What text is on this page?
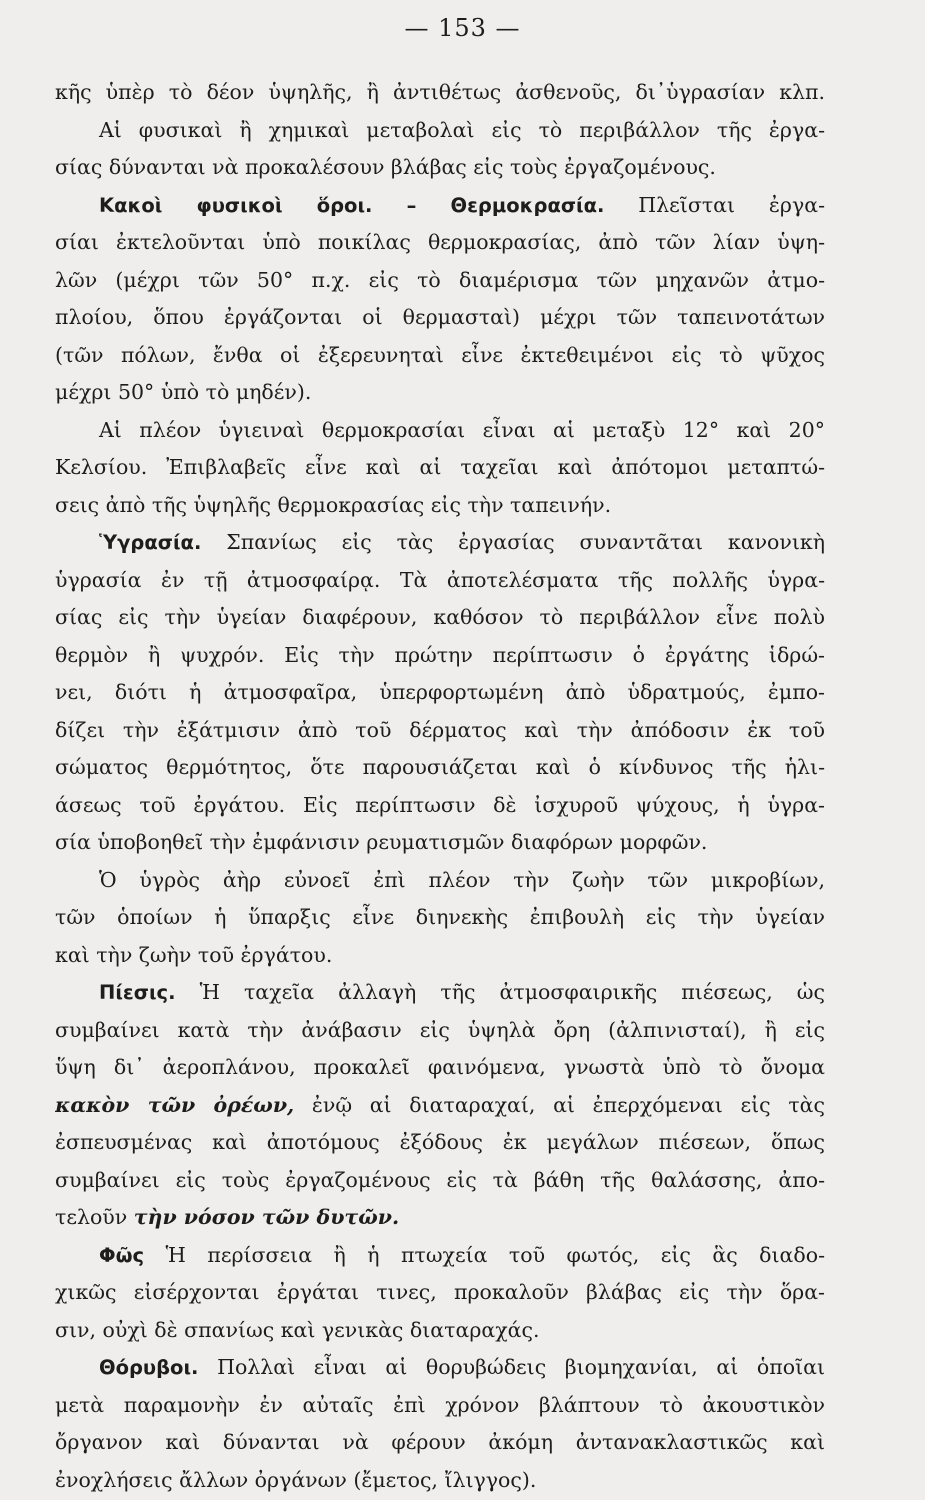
— 153 —
κῆς ὑπὲρ τὸ δέον ὑψηλῆς, ἢ ἀντιθέτως ἀσθενοῦς, δι᾽ὑγρασίαν κλπ.
Αἱ φυσικαὶ ἢ χημικαὶ μεταβολαὶ εἰς τὸ περιβάλλον τῆς ἐργα-
σίας δύνανται νὰ προκαλέσουν βλάβας εἰς τοὺς ἐργαζομένους.
Κακοὶ φυσικοὶ ὅροι. – Θερμοκρασία. Πλεῖσται ἐργα-
σίαι ἐκτελοῦνται ὑπὸ ποικίλας θερμοκρασίας, ἀπὸ τῶν λίαν ὑψη-
λῶν (μέχρι τῶν 50° π.χ. εἰς τὸ διαμέρισμα τῶν μηχανῶν ἀτμο-
πλοίου, ὅπου ἐργάζονται οἱ θερμασταὶ) μέχρι τῶν ταπεινοτάτων
(τῶν πόλων, ἔνθα οἱ ἐξερευνηταὶ εἶνε ἐκτεθειμένοι εἰς τὸ ψῦχος
μέχρι 50° ὑπὸ τὸ μηδέν).
Αἱ πλέον ὑγιειναὶ θερμοκρασίαι εἶναι αἱ μεταξὺ 12° καὶ 20°
Κελσίου. Ἐπιβλαβεῖς εἶνε καὶ αἱ ταχεῖαι καὶ ἀπότομοι μεταπτώ-
σεις ἀπὸ τῆς ὑψηλῆς θερμοκρασίας εἰς τὴν ταπεινήν.
Ὑγρασία. Σπανίως εἰς τὰς ἐργασίας συναντᾶται κανονικὴ
ὑγρασία ἐν τῇ ἀτμοσφαίρᾳ. Τὰ ἀποτελέσματα τῆς πολλῆς ὑγρα-
σίας εἰς τὴν ὑγείαν διαφέρουν, καθόσον τὸ περιβάλλον εἶνε πολὺ
θερμὸν ἢ ψυχρόν. Εἰς τὴν πρώτην περίπτωσιν ὁ ἐργάτης ἱδρώ-
νει, διότι ἡ ἀτμοσφαῖρα, ὑπερφορτωμένη ἀπὸ ὑδρατμούς, ἐμπο-
δίζει τὴν ἐξάτμισιν ἀπὸ τοῦ δέρματος καὶ τὴν ἀπόδοσιν ἐκ τοῦ
σώματος θερμότητος, ὅτε παρουσιάζεται καὶ ὁ κίνδυνος τῆς ἡλι-
άσεως τοῦ ἐργάτου. Εἰς περίπτωσιν δὲ ἰσχυροῦ ψύχους, ἡ ὑγρα-
σία ὑποβοηθεῖ τὴν ἐμφάνισιν ρευματισμῶν διαφόρων μορφῶν.
Ὁ ὑγρὸς ἀὴρ εὐνοεῖ ἐπὶ πλέον τὴν ζωὴν τῶν μικροβίων,
τῶν ὁποίων ἡ ὕπαρξις εἶνε διηνεκὴς ἐπιβουλὴ εἰς τὴν ὑγείαν
καὶ τὴν ζωὴν τοῦ ἐργάτου.
Πίεσις. Ἡ ταχεῖα ἀλλαγὴ τῆς ἀτμοσφαιρικῆς πιέσεως, ὡς
συμβαίνει κατὰ τὴν ἀνάβασιν εἰς ὑψηλὰ ὄρη (ἀλπινισταί), ἢ εἰς
ὕψη δι᾽ ἀεροπλάνου, προκαλεῖ φαινόμενα, γνωστὰ ὑπὸ τὸ ὄνομα
κακὸν τῶν ὀρέων, ἐνῷ αἱ διαταραχαί, αἱ ἐπερχόμεναι εἰς τὰς
ἐσπευσμένας καὶ ἀποτόμους ἐξόδους ἐκ μεγάλων πιέσεων, ὅπως
συμβαίνει εἰς τοὺς ἐργαζομένους εἰς τὰ βάθη τῆς θαλάσσης, ἀπο-
τελοῦν τὴν νόσον τῶν δυτῶν.
Φῶς Ἡ περίσσεια ἢ ἡ πτωχεία τοῦ φωτός, εἰς ἃς διαδο-
χικῶς εἰσέρχονται ἐργάται τινες, προκαλοῦν βλάβας εἰς τὴν ὅρα-
σιν, οὐχὶ δὲ σπανίως καὶ γενικὰς διαταραχάς.
Θόρυβοι. Πολλαὶ εἶναι αἱ θορυβώδεις βιομηχανίαι, αἱ ὁποῖαι
μετὰ παραμονὴν ἐν αὐταῖς ἐπὶ χρόνον βλάπτουν τὸ ἀκουστικὸν
ὄργανον καὶ δύνανται νὰ φέρουν ἀκόμη ἀντανακλαστικῶς καὶ
ἐνοχλήσεις ἄλλων ὀργάνων (ἔμετος, ἴλιγγος).
